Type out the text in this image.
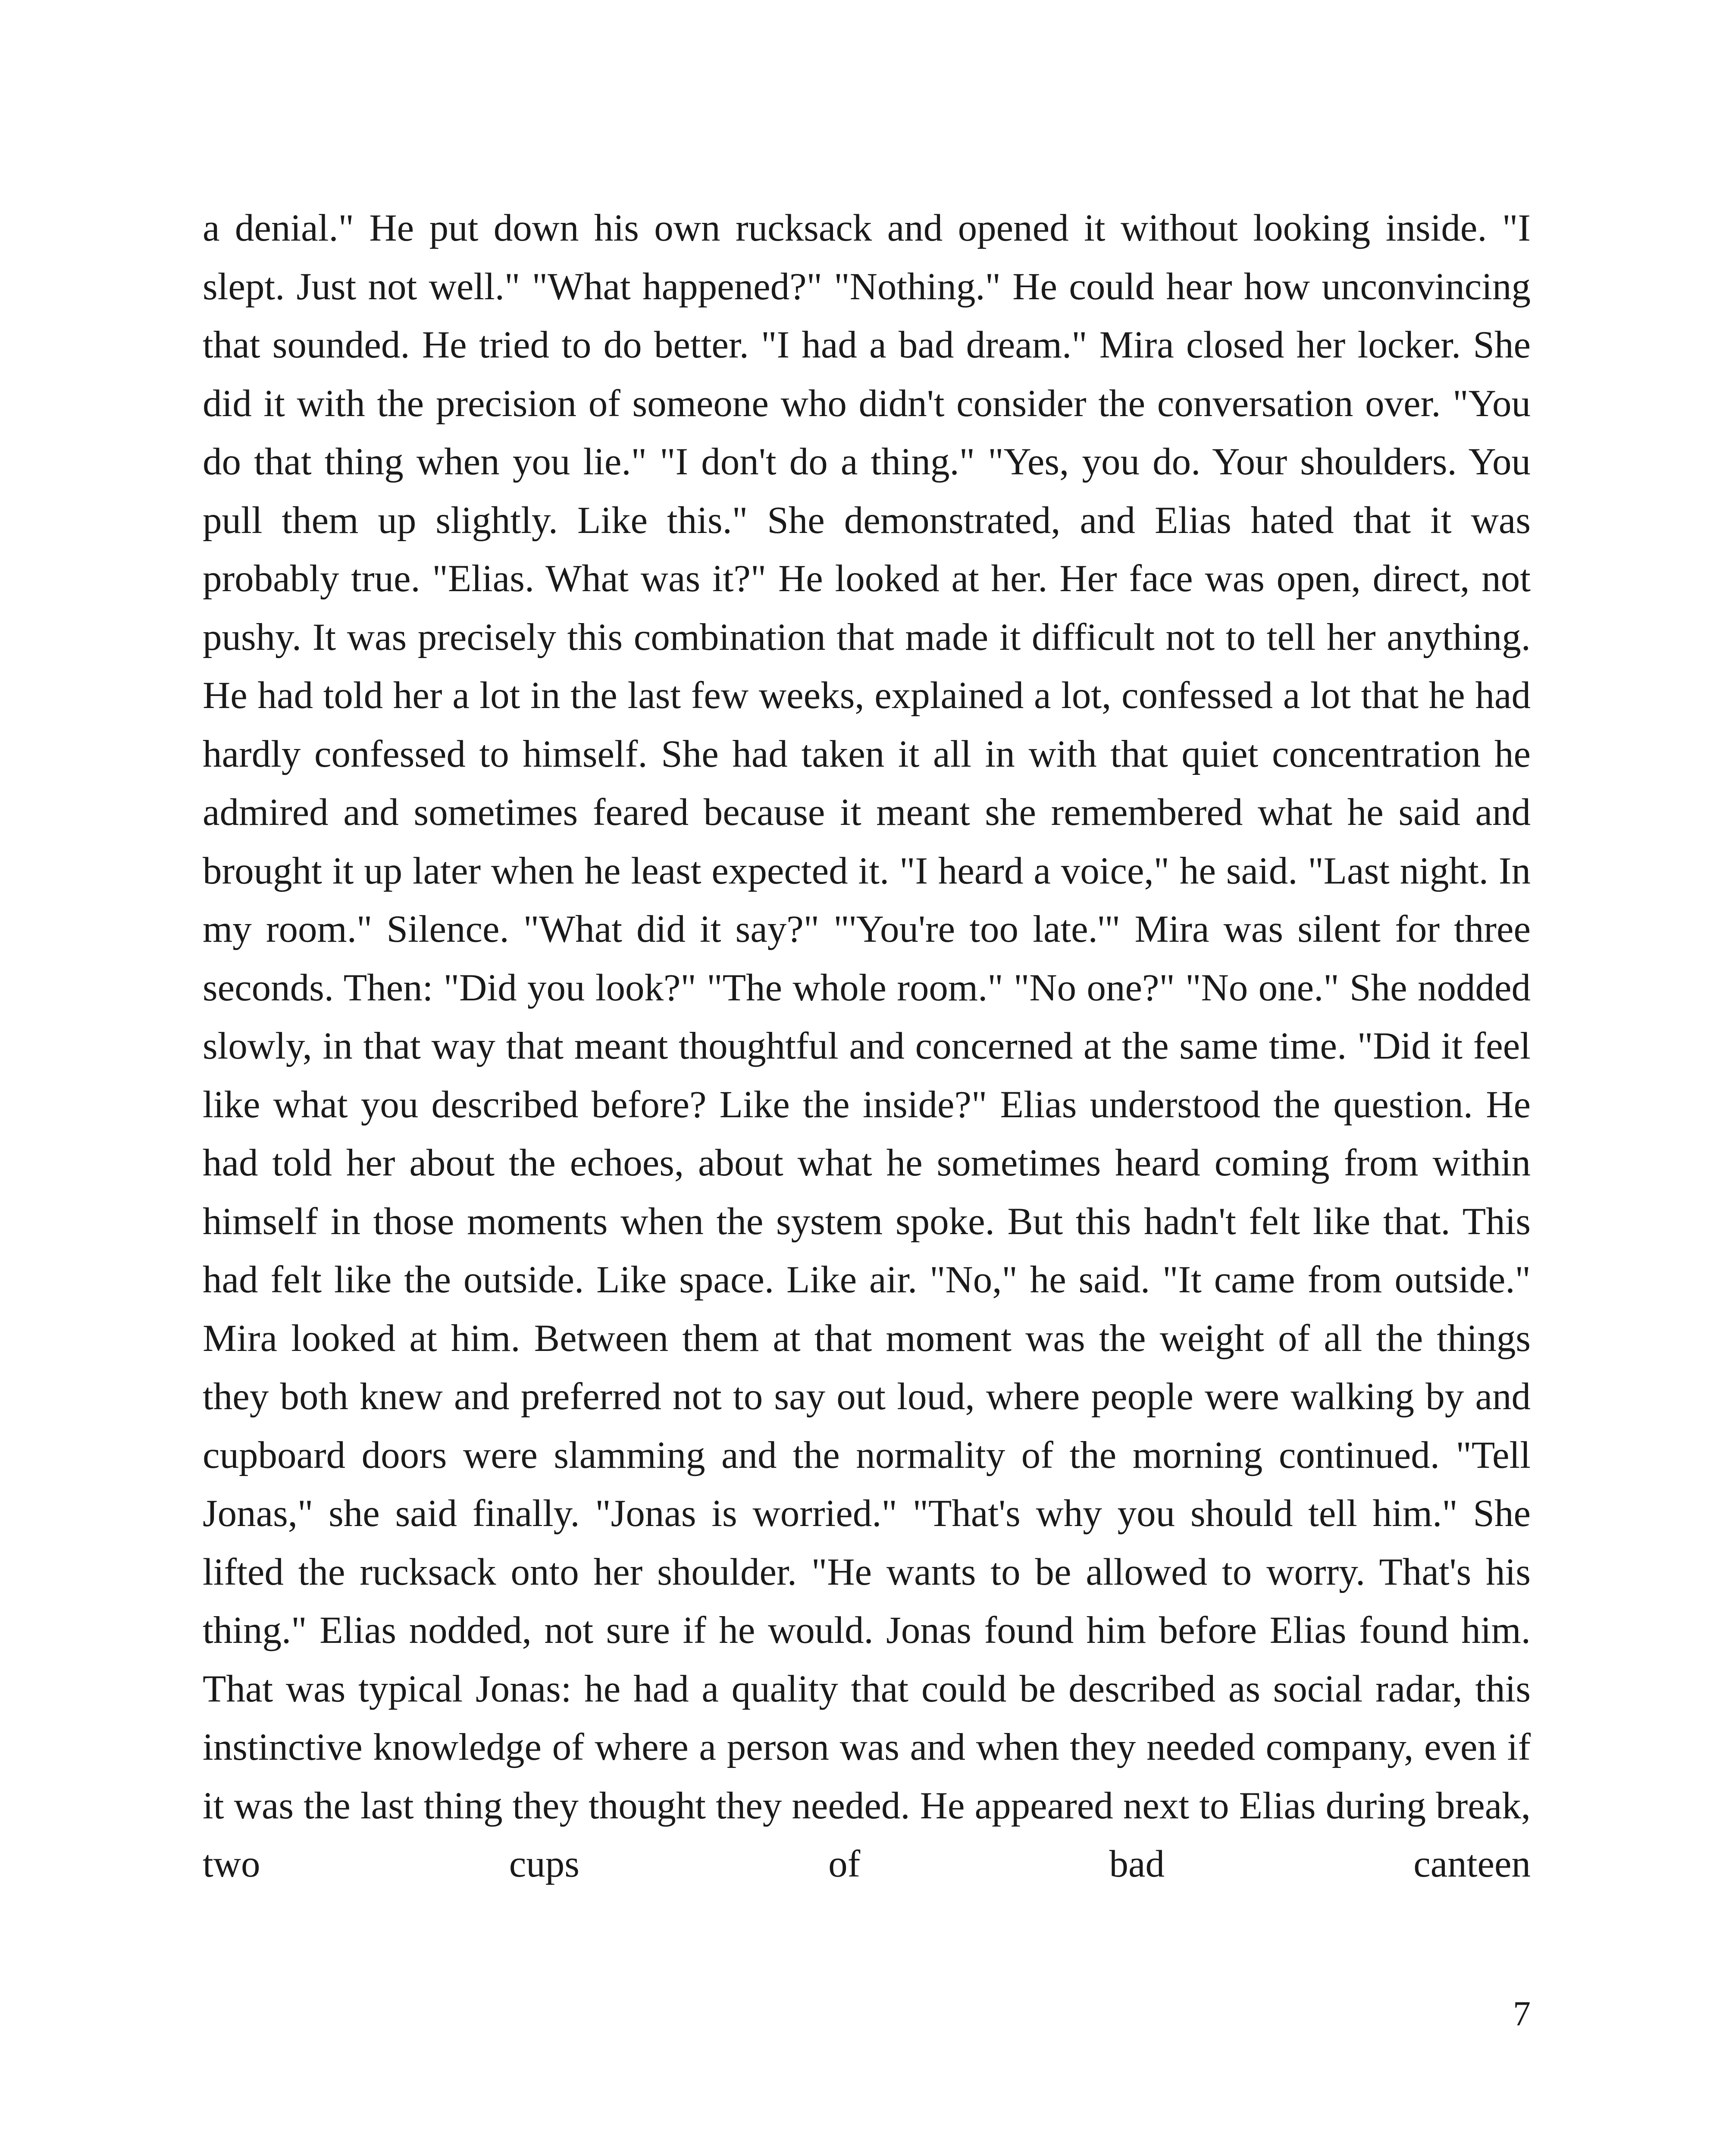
a denial." He put down his own rucksack and opened it without looking inside. "I slept. Just not well." "What happened?" "Nothing." He could hear how unconvincing that sounded. He tried to do better. "I had a bad dream." Mira closed her locker. She did it with the precision of someone who didn't consider the conversation over. "You do that thing when you lie." "I don't do a thing." "Yes, you do. Your shoulders. You pull them up slightly. Like this." She demonstrated, and Elias hated that it was probably true. "Elias. What was it?" He looked at her. Her face was open, direct, not pushy. It was precisely this combination that made it difficult not to tell her anything. He had told her a lot in the last few weeks, explained a lot, confessed a lot that he had hardly confessed to himself. She had taken it all in with that quiet concentration he admired and sometimes feared because it meant she remembered what he said and brought it up later when he least expected it. "I heard a voice," he said. "Last night. In my room." Silence. "What did it say?" "'You're too late.'" Mira was silent for three seconds. Then: "Did you look?" "The whole room." "No one?" "No one." She nodded slowly, in that way that meant thoughtful and concerned at the same time. "Did it feel like what you described before? Like the inside?" Elias understood the question. He had told her about the echoes, about what he sometimes heard coming from within himself in those moments when the system spoke. But this hadn't felt like that. This had felt like the outside. Like space. Like air. "No," he said. "It came from outside." Mira looked at him. Between them at that moment was the weight of all the things they both knew and preferred not to say out loud, where people were walking by and cupboard doors were slamming and the normality of the morning continued. "Tell Jonas," she said finally. "Jonas is worried." "That's why you should tell him." She lifted the rucksack onto her shoulder. "He wants to be allowed to worry. That's his thing." Elias nodded, not sure if he would. Jonas found him before Elias found him. That was typical Jonas: he had a quality that could be described as social radar, this instinctive knowledge of where a person was and when they needed company, even if it was the last thing they thought they needed. He appeared next to Elias during break, two cups of bad canteen

7
